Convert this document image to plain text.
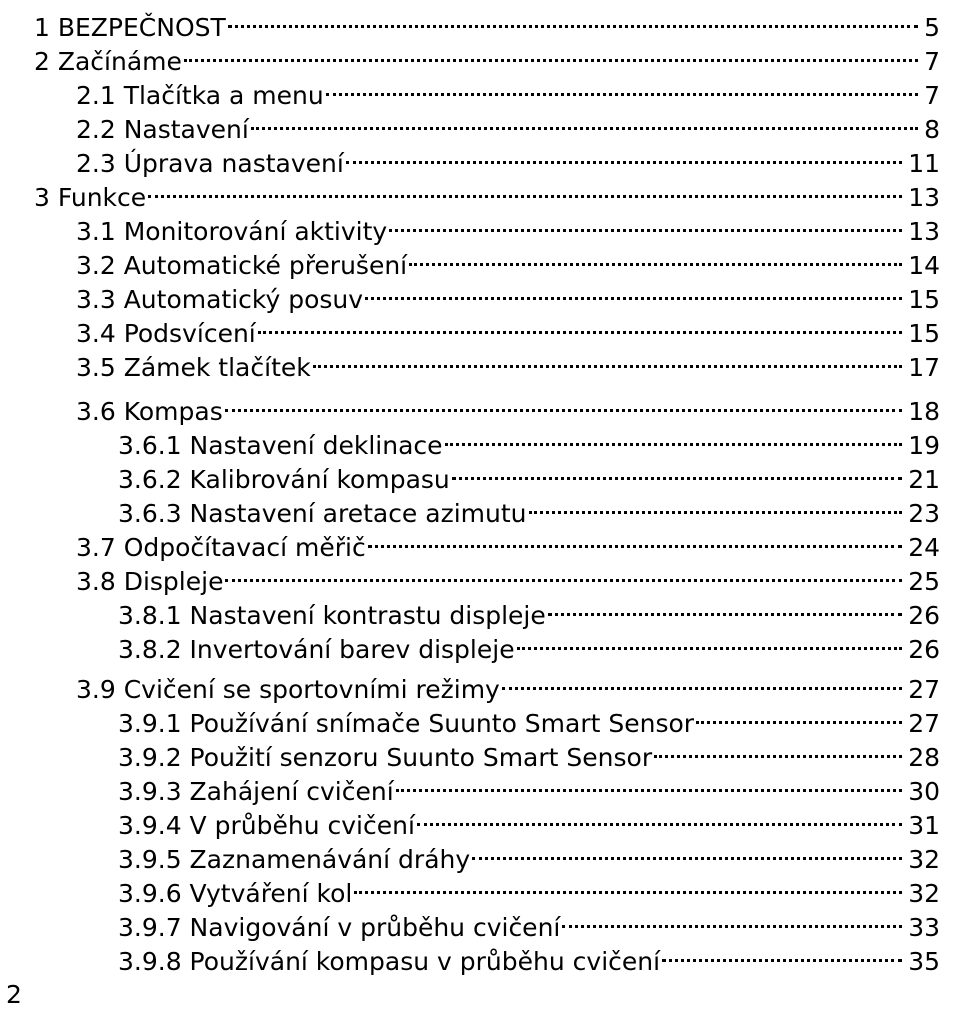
1 BEZPEČNOST	5
2 Začínáme	7
2.1 Tlačítka a menu	7
2.2 Nastavení	8
2.3 Úprava nastavení	11
3 Funkce	13
3.1 Monitorování aktivity	13
3.2 Automatické přerušení	14
3.3 Automatický posuv	15
3.4 Podsvícení	15
3.5 Zámek tlačítek	17
3.6 Kompas	18
3.6.1 Nastavení deklinace	19
3.6.2 Kalibrování kompasu	21
3.6.3 Nastavení aretace azimutu	23
3.7 Odpočítavací měřič	24
3.8 Displeje	25
3.8.1 Nastavení kontrastu displeje	26
3.8.2 Invertování barev displeje	26
3.9 Cvičení se sportovními režimy	27
3.9.1 Používání snímače Suunto Smart Sensor	27
3.9.2 Použití senzoru Suunto Smart Sensor	28
3.9.3 Zahájení cvičení	30
3.9.4 V průběhu cvičení	31
3.9.5 Zaznamenávání dráhy	32
3.9.6 Vytváření kol	32
3.9.7 Navigování v průběhu cvičení	33
3.9.8 Používání kompasu v průběhu cvičení	35
2
